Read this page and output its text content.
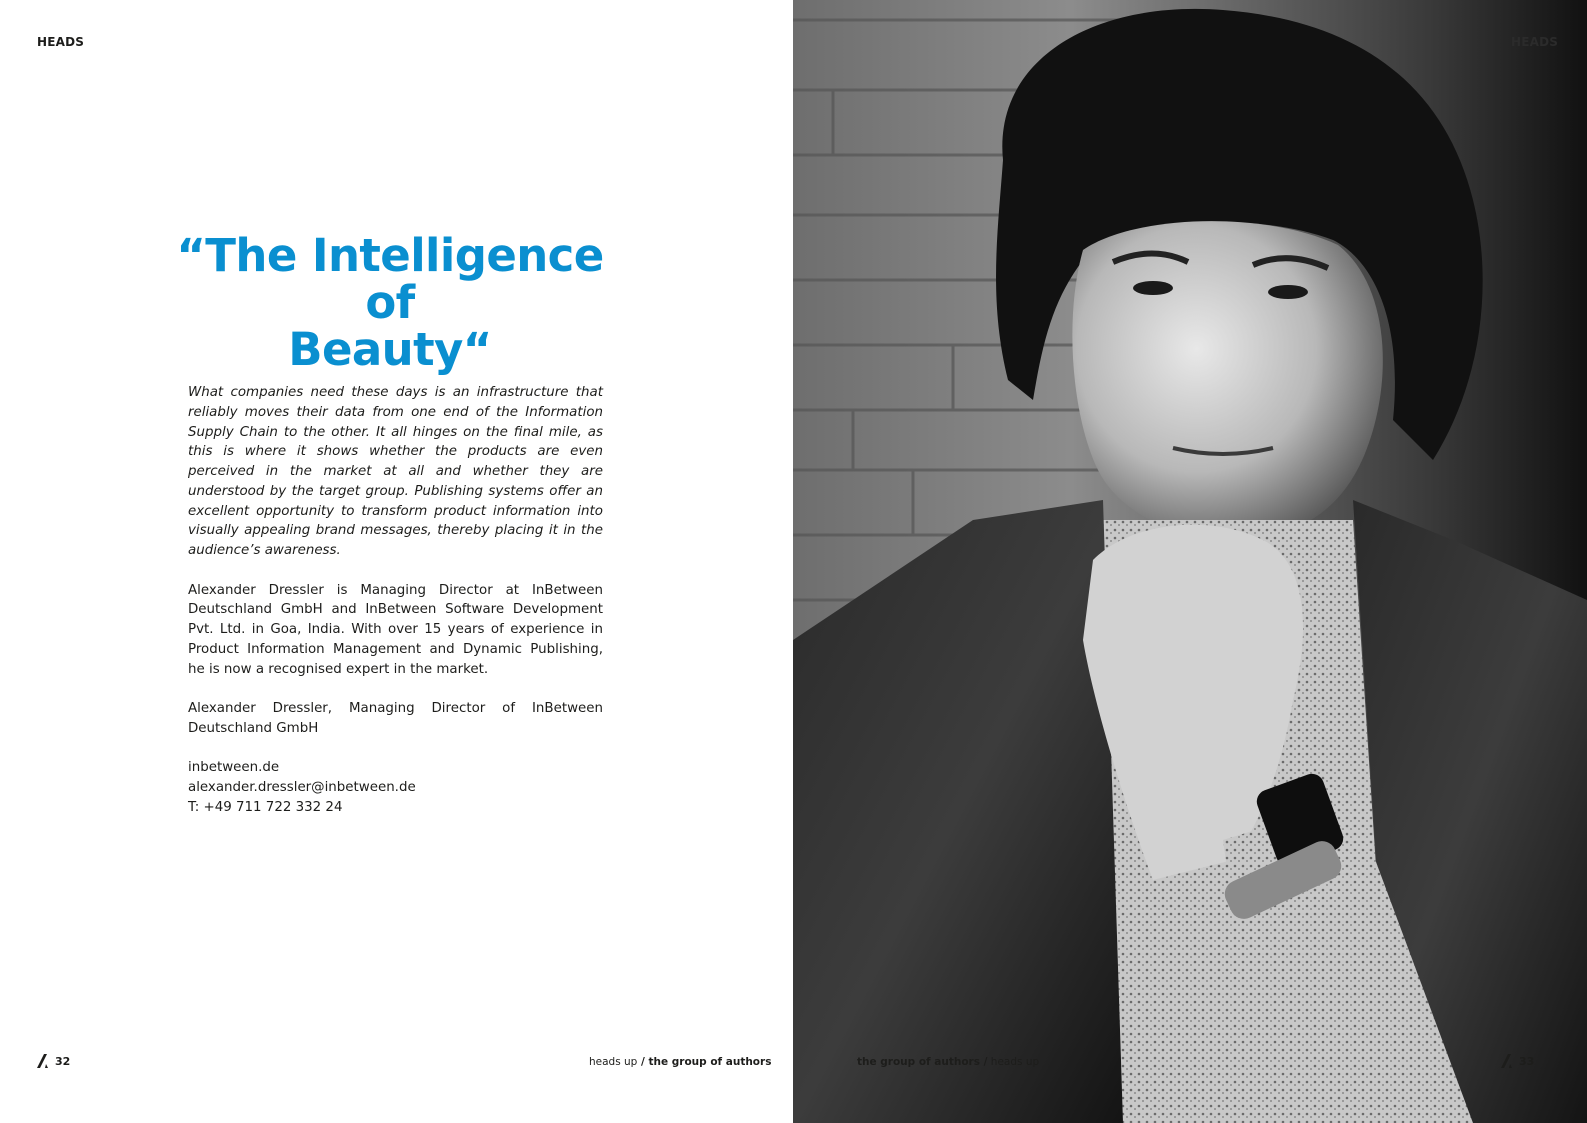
HEADS
“The Intelligence of
Beauty“

What companies need these days is an infrastructure that reliably moves their data from one end of the Information Supply Chain to the other. It all hinges on the final mile, as this is where it shows whether the products are even perceived in the market at all and whether they are understood by the target group. Publishing systems offer an excellent opportunity to transform product information into visually appealing brand messages, thereby placing it in the audience’s awareness.

Alexander Dressler is Managing Director at InBetween Deutschland GmbH and InBetween Software Development Pvt. Ltd. in Goa, India. With over 15 years of experience in Product Information Management and Dynamic Publishing, he is now a recognised expert in the market.

Alexander Dressler, Managing Director of InBetween Deutschland GmbH

inbetween.de

alexander.dressler@inbetween.de

T: +49 711 722 332 24

32	heads up / the group of authors
HEADS
the group of authors / heads up	33
